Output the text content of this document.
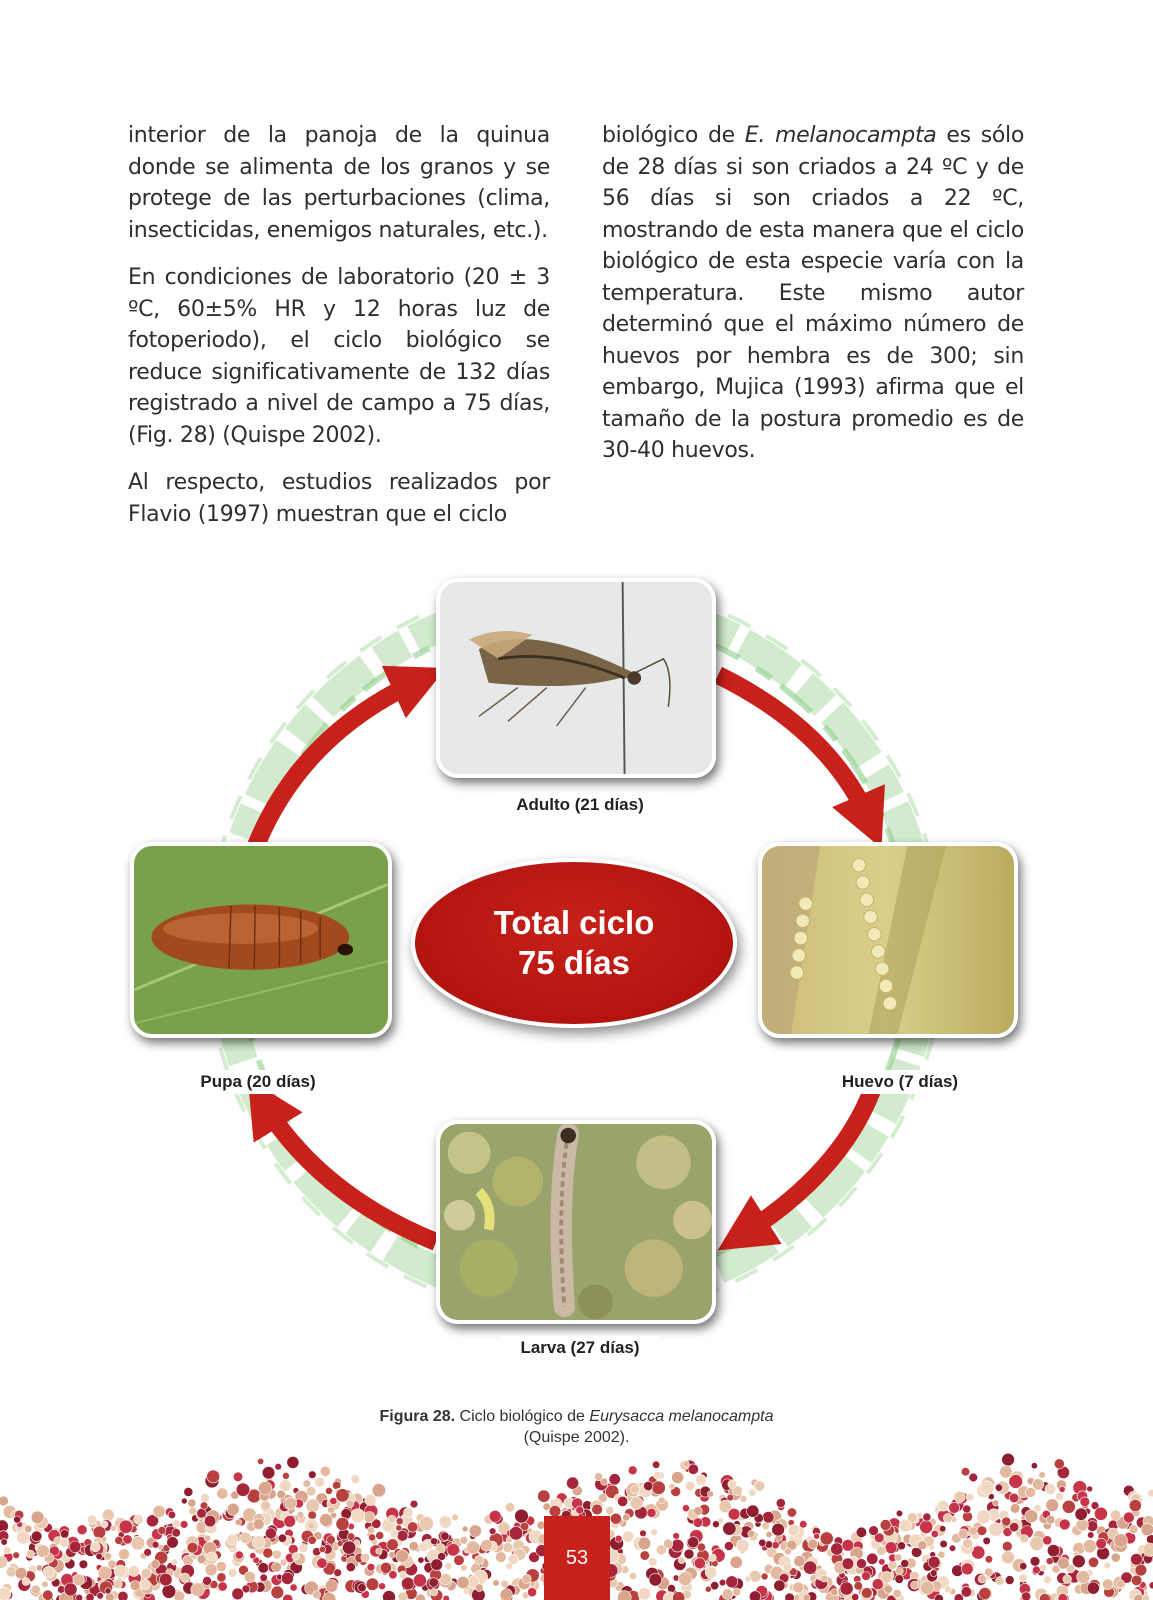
interior de la panoja de la quinua donde se alimenta de los granos y se protege de las perturbaciones (clima, insecticidas, enemigos naturales, etc.).

En condiciones de laboratorio (20 ± 3 ºC, 60±5% HR y 12 horas luz de fotoperiodo), el ciclo biológico se reduce significativamente de 132 días registrado a nivel de campo a 75 días, (Fig. 28) (Quispe 2002).

Al respecto, estudios realizados por Flavio (1997) muestran que el ciclo

biológico de E. melanocampta es sólo de 28 días si son criados a 24 ºC y de 56 días si son criados a 22 ºC, mostrando de esta manera que el ciclo biológico de esta especie varía con la temperatura. Este mismo autor determinó que el máximo número de huevos por hembra es de 300; sin embargo, Mujica (1993) afirma que el tamaño de la postura promedio es de 30-40 huevos.

Adulto (21 días)
Huevo (7 días)
Larva (27 días)
Pupa (20 días)
Total ciclo
75 días
Figura 28. Ciclo biológico de Eurysacca melanocampta
(Quispe 2002).
53
